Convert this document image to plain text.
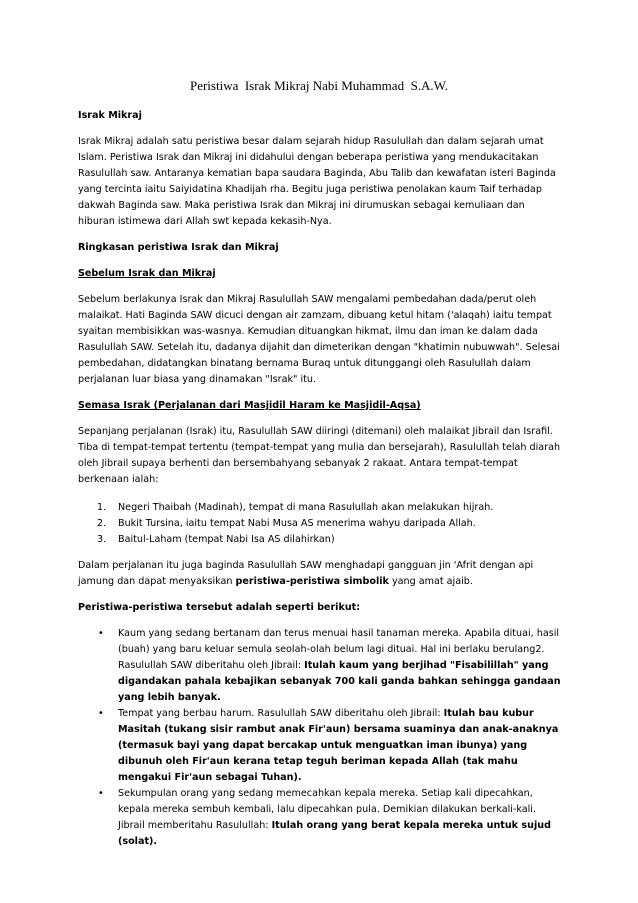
Peristiwa  Israk Mikraj Nabi Muhammad  S.A.W.

Israk Mikraj

Israk Mikraj adalah satu peristiwa besar dalam sejarah hidup Rasulullah dan dalam sejarah umat Islam. Peristiwa Israk dan Mikraj ini didahului dengan beberapa peristiwa yang mendukacitakan Rasulullah saw. Antaranya kematian bapa saudara Baginda, Abu Talib dan kewafatan isteri Baginda yang tercinta iaitu Saiyidatina Khadijah rha. Begitu juga peristiwa penolakan kaum Taif terhadap dakwah Baginda saw. Maka peristiwa Israk dan Mikraj ini dirumuskan sebagai kemuliaan dan hiburan istimewa dari Allah swt kepada kekasih-Nya.

Ringkasan peristiwa Israk dan Mikraj

Sebelum Israk dan Mikraj

Sebelum berlakunya Israk dan Mikraj Rasulullah SAW mengalami pembedahan dada/perut oleh malaikat. Hati Baginda SAW dicuci dengan air zamzam, dibuang ketul hitam ('alaqah) iaitu tempat syaitan membisikkan was-wasnya. Kemudian dituangkan hikmat, ilmu dan iman ke dalam dada Rasulullah SAW. Setelah itu, dadanya dijahit dan dimeterikan dengan "khatimin nubuwwah". Selesai pembedahan, didatangkan binatang bernama Buraq untuk ditunggangi oleh Rasulullah dalam perjalanan luar biasa yang dinamakan "Israk" itu.

Semasa Israk (Perjalanan dari Masjidil Haram ke Masjidil-Aqsa)

Sepanjang perjalanan (Israk) itu, Rasulullah SAW diiringi (ditemani) oleh malaikat Jibrail dan Israfil. Tiba di tempat-tempat tertentu (tempat-tempat yang mulia dan bersejarah), Rasulullah telah diarah oleh Jibrail supaya berhenti dan bersembahyang sebanyak 2 rakaat. Antara tempat-tempat berkenaan ialah:

1. Negeri Thaibah (Madinah), tempat di mana Rasulullah akan melakukan hijrah.
2. Bukit Tursina, iaitu tempat Nabi Musa AS menerima wahyu daripada Allah.
3. Baitul-Laham (tempat Nabi Isa AS dilahirkan)

Dalam perjalanan itu juga baginda Rasulullah SAW menghadapi gangguan jin 'Afrit dengan api jamung dan dapat menyaksikan peristiwa-peristiwa simbolik yang amat ajaib.

Peristiwa-peristiwa tersebut adalah seperti berikut:

• Kaum yang sedang bertanam dan terus menuai hasil tanaman mereka. Apabila dituai, hasil (buah) yang baru keluar semula seolah-olah belum lagi dituai. Hal ini berlaku berulang2. Rasulullah SAW diberitahu oleh Jibrail: Itulah kaum yang berjihad "Fisabilillah" yang digandakan pahala kebajikan sebanyak 700 kali ganda bahkan sehingga gandaan yang lebih banyak.
• Tempat yang berbau harum. Rasulullah SAW diberitahu oleh Jibrail: Itulah bau kubur Masitah (tukang sisir rambut anak Fir'aun) bersama suaminya dan anak-anaknya (termasuk bayi yang dapat bercakap untuk menguatkan iman ibunya) yang dibunuh oleh Fir'aun kerana tetap teguh beriman kepada Allah (tak mahu mengakui Fir'aun sebagai Tuhan).
• Sekumpulan orang yang sedang memecahkan kepala mereka. Setiap kali dipecahkan, kepala mereka sembuh kembali, lalu dipecahkan pula. Demikian dilakukan berkali-kali. Jibrail memberitahu Rasulullah: Itulah orang yang berat kepala mereka untuk sujud (solat).
